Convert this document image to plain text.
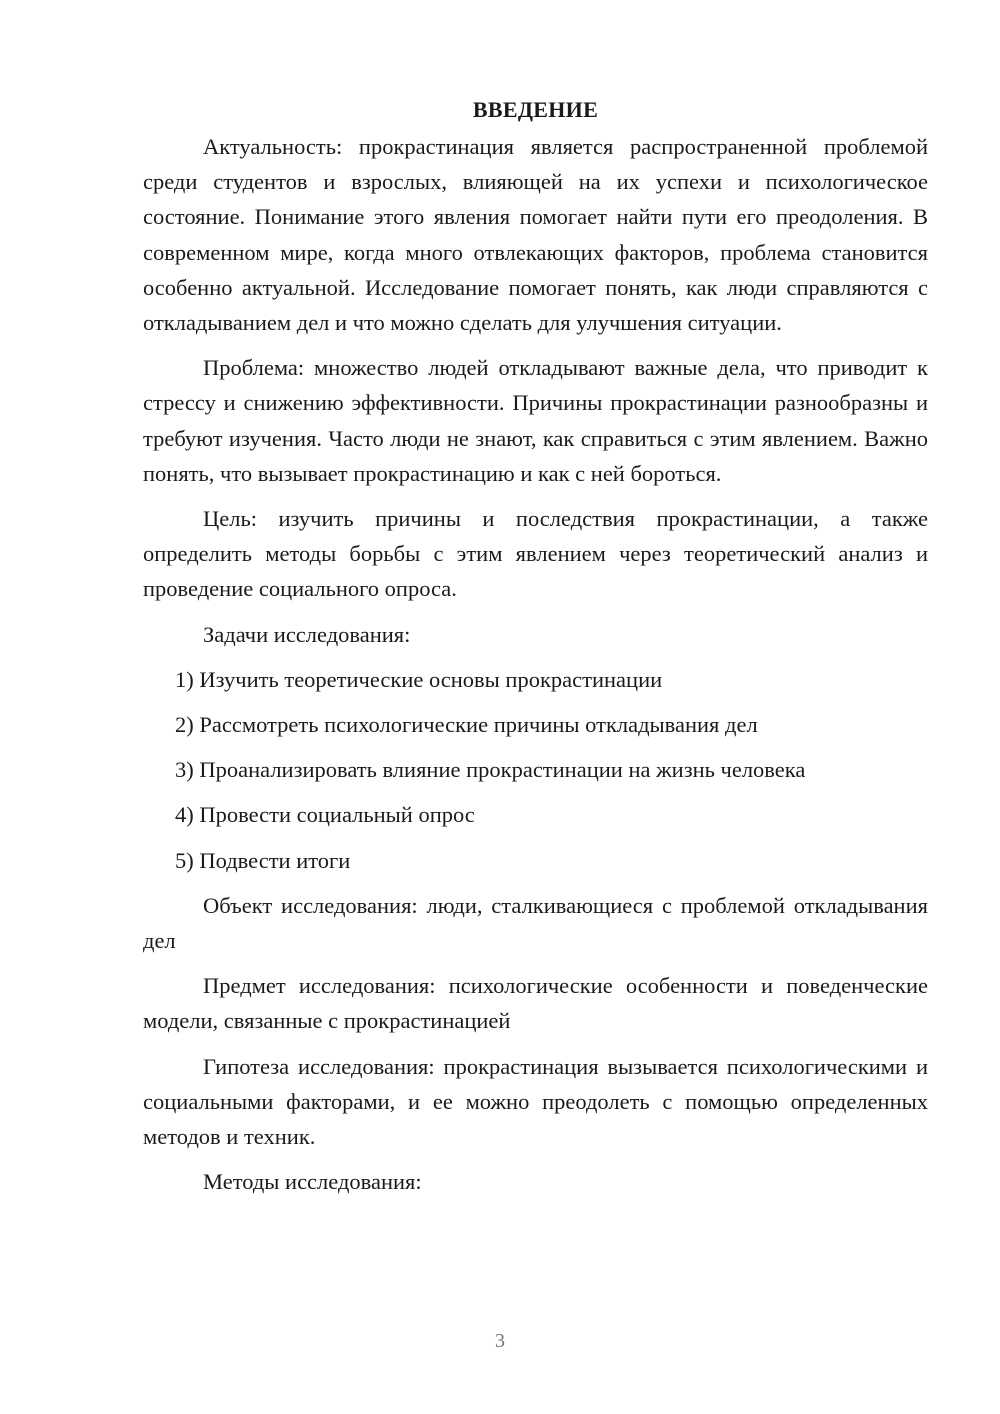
ВВЕДЕНИЕ

Актуальность: прокрастинация является распространенной проблемой среди студентов и взрослых, влияющей на их успехи и психологическое состояние. Понимание этого явления помогает найти пути его преодоления. В современном мире, когда много отвлекающих факторов, проблема становится особенно актуальной. Исследование помогает понять, как люди справляются с откладыванием дел и что можно сделать для улучшения ситуации.

Проблема: множество людей откладывают важные дела, что приводит к стрессу и снижению эффективности. Причины прокрастинации разнообразны и требуют изучения. Часто люди не знают, как справиться с этим явлением. Важно понять, что вызывает прокрастинацию и как с ней бороться.

Цель: изучить причины и последствия прокрастинации, а также определить методы борьбы с этим явлением через теоретический анализ и проведение социального опроса.

Задачи исследования:

1) Изучить теоретические основы прокрастинации
2) Рассмотреть психологические причины откладывания дел
3) Проанализировать влияние прокрастинации на жизнь человека
4) Провести социальный опрос
5) Подвести итоги

Объект исследования: люди, сталкивающиеся с проблемой откладывания дел

Предмет исследования: психологические особенности и поведенческие модели, связанные с прокрастинацией

Гипотеза исследования: прокрастинация вызывается психологическими и социальными факторами, и ее можно преодолеть с помощью определенных методов и техник.

Методы исследования:

3
